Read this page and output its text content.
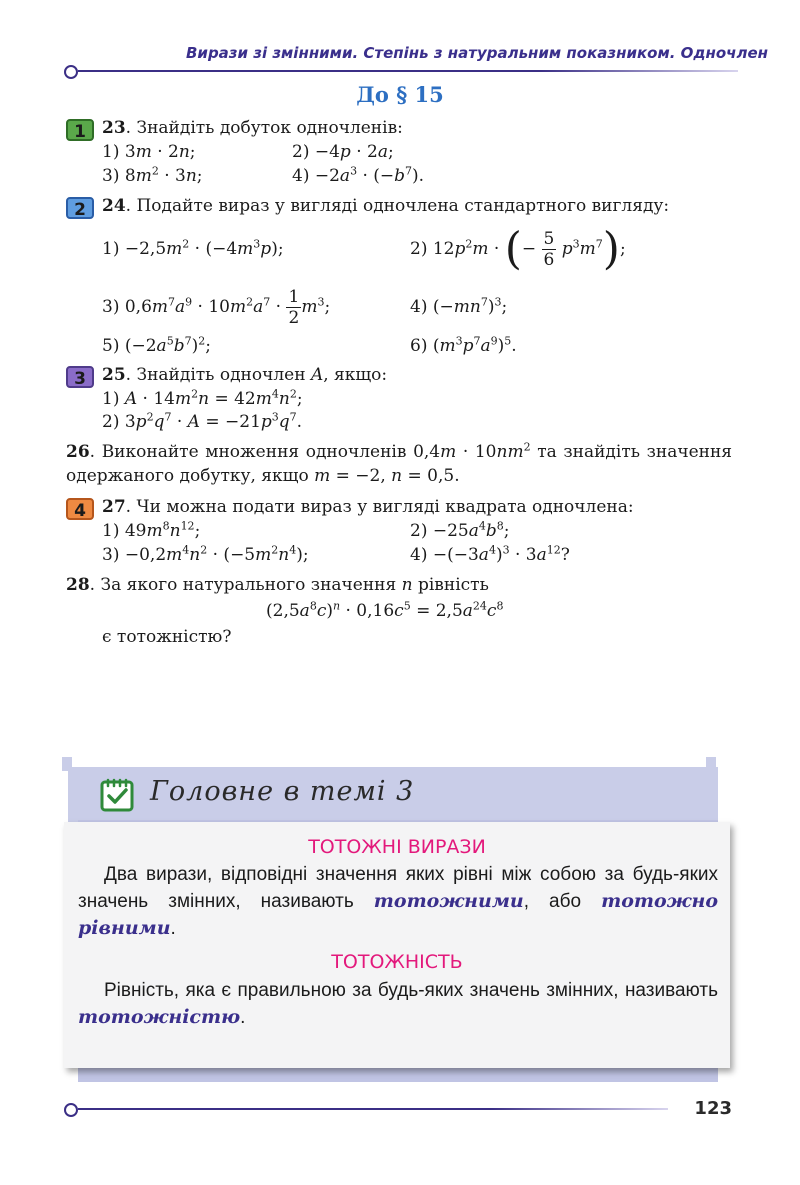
Вирази зі змінними. Степінь з натуральним показником. Одночлен
До § 15
1 23. Знайдіть добуток одночленів:
1) 3m · 2n;	2) −4p · 2a;
3) $8m^2 \cdot 3n$;	$4) -2a^3 \cdot (-b^7)$.
2 24. Подайте вираз у вигляді одночлена стандартного вигляду:
$1) -2,5m^2 \cdot (-4m^3p)$;	2) $12p^2m$ · (− $\frac{5}{6} p^3m^7$);
3) $0,6m^7a^9 \cdot 10m^2a^7 \cdot \frac{1}{2} m^3$;	4) $(-mn^7)^3$;
5) $(-2a^5b^7)^2$;	6) $(m^3p^7a^9)^5$.
3 25. Знайдіть одночлен A, якщо:
1) $A \cdot 14m^2n = 42m^4n^2$;
2) $3p^2q^7 \cdot A = -21p^3q^7$.
26. Виконайте множення одночленів $0,4m \cdot 10nm^2$ та знайдіть значення одержаного добутку, якщо m = −2, n = 0,5.
4 27. Чи можна подати вираз у вигляді квадрата одночлена:
1) $49m^8n^{12}$;	$2) -25a^4b^8$;
$3) -0,2m^4n^2 \cdot (-5m^2n^4)$;	$4) -(-3a^4)^3 \cdot 3a^{12}$?
28. За якого натурального значення n рівність
$(2,5a^8c)^n \cdot 0,16c^5 = 2,5a^{24}c^8$
є тотожністю?
Головне в темі 3
ТОТОЖНІ ВИРАЗИ
Два вирази, відповідні значення яких рівні між собою за будь-яких значень змінних, називають тотожними, або тотожно рівними.
ТОТОЖНІСТЬ
Рівність, яка є правильною за будь-яких значень змінних, називають тотожністю.
123
